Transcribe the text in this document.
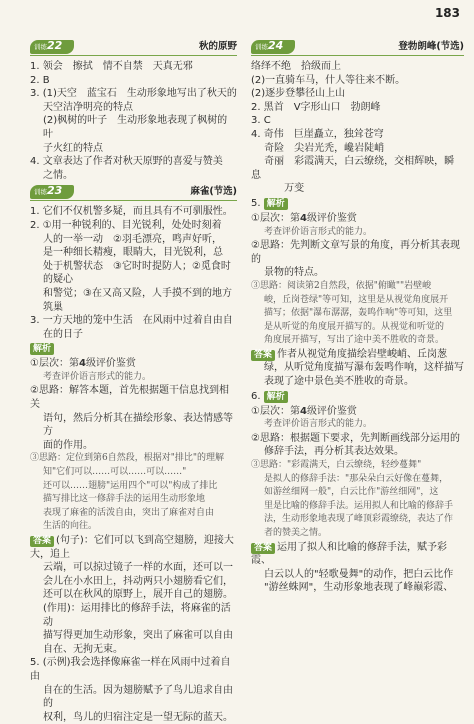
183
训练 22	秋的原野

1. 领会　擦拭　情不自禁　天真无邪

2. B

3. (1)天空　蓝宝石　生动形象地写出了秋天的

天空洁净明亮的特点

(2)枫树的叶子　生动形象地表现了枫树的叶

子火红的特点

4. 文章表达了作者对秋天原野的喜爱与赞美

之情。

训练 23	麻雀(节选)

1. 它们不仅机警多疑，而且具有不可驯服性。

2. ①用一种锐利的、目光锐利，处处时刻着

人的一举一动　②羽毛漂亮，鸣声好听，

是一种细长精瘦，眼睛大，目光锐利，总

处于机警状态　③它时时提防人；②觅食时的疑心

和警觉；③在又高又险，人手摸不到的地方

筑巢

3. 一方天地的笼中生活　在风雨中过着自由自

在的日子

解析

①层次：第4级评价鉴赏

考查评价语言形式的能力。

②思路：解答本题，首先根据题干信息找到相关

语句，然后分析其在描绘形象、表达情感等方

面的作用。

③思路：定位到第6自然段，根据对"排比"的理解

知"它们可以……可以……可以……"

还可以……翅膀"运用四个"可以"构成了排比

描写排比这一修辞手法的运用生动形象地

表现了麻雀的活泼自由，突出了麻雀对自由

生活的向往。

答案 (句子)：它们可以飞到高空翅膀，迎接大大，追上

云端，可以掠过镜子一样的水面，还可以一

会儿在小水田上，抖动两只小翅膀看它们，

还可以在秋风的原野上，展开自己的翅膀。

(作用)：运用排比的修辞手法，将麻雀的活动

描写得更加生动形象，突出了麻雀可以自由

自在、无拘无束。

5. (示例)我会选择像麻雀一样在风雨中过着自由

自在的生活。因为翅膀赋予了鸟儿追求自由的

权利，鸟儿的归宿注定是一望无际的蓝天。

训练 24	登勃朗峰(节选)

络绎不绝　拾级而上

(2)一直骑车马，什人等往来不断。

(2)逐步登攀径山上山

2. 黑首　V字形山口　勃朗峰

3. C

4. 奇伟　巨崖矗立，独耸苍穹

　 奇险　尖岩光秃，巉岩陡峭

　 奇丽　彩霞满天，白云缭绕，交相辉映，瞬息

　　　 万变

5. 解析

①层次：第4级评价鉴赏

考查评价语言形式的能力。

②思路：先判断文章写景的角度，再分析其表现的

景物的特点。

③思路：阅读第2自然段，依据"俯瞰""岩壁峻

峻，丘岗苍绿"等可知，这里是从视觉角度展开

描写；依据"瀑布潺潺，轰鸣作响"等可知，这里

是从听觉的角度展开描写的。从视觉和听觉的

角度展开描写，写出了途中美不胜收的奇景。

答案 作者从视觉角度描绘岩壁峻峭、丘岗葱

绿，从听觉角度描写瀑布轰鸣作响，这样描写

表现了途中景色美不胜收的奇景。

6. 解析

①层次：第4级评价鉴赏

考查评价语言形式的能力。

②思路：根据题下要求，先判断画线部分运用的

修辞手法，再分析其表达效果。

③思路："彩霞满天，白云缭绕，轻纱蔓舞"

是拟人的修辞手法："那朵朵白云好像在蔓舞，

如游丝细网一般"，白云比作"游丝细网"，这

里是比喻的修辞手法。运用拟人和比喻的修辞手

法，生动形象地表现了峰顶彩霞缭绕，表达了作

者的赞美之情。

答案 运用了拟人和比喻的修辞手法，赋予彩霞、

白云以人的"轻歌曼舞"的动作，把白云比作

"游丝蛛网"，生动形象地表现了峰巅彩霞、
